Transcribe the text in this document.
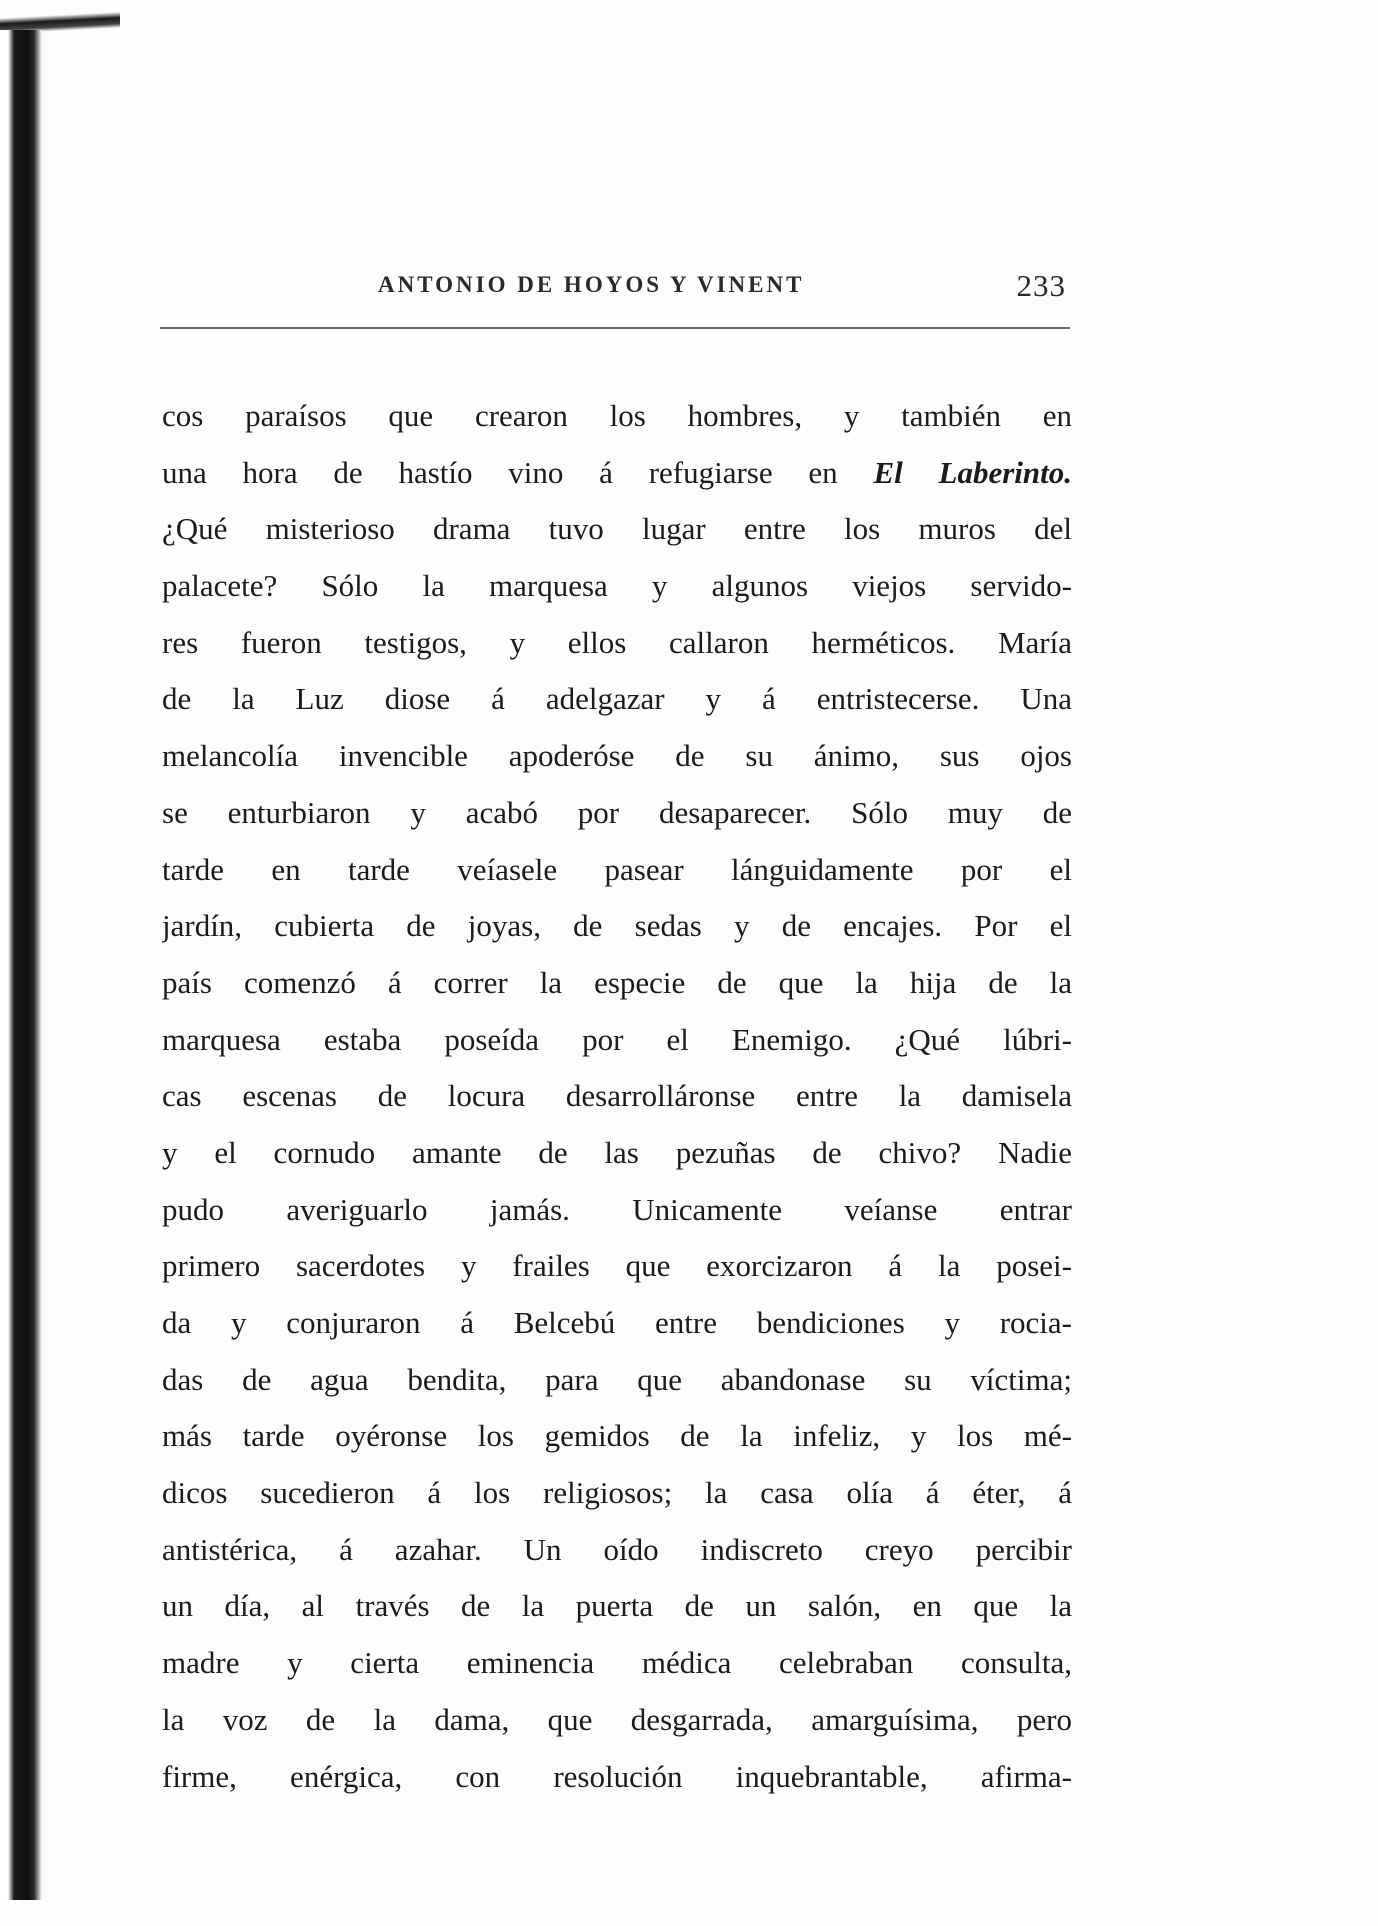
ANTONIO DE HOYOS Y VINENT	233
cos paraísos que crearon los hombres, y también en
una hora de hastío vino á refugiarse en El Laberinto.
¿Qué misterioso drama tuvo lugar entre los muros del
palacete? Sólo la marquesa y algunos viejos servido-
res fueron testigos, y ellos callaron herméticos. María
de la Luz diose á adelgazar y á entristecerse. Una
melancolía invencible apoderóse de su ánimo, sus ojos
se enturbiaron y acabó por desaparecer. Sólo muy de
tarde en tarde veíasele pasear lánguidamente por el
jardín, cubierta de joyas, de sedas y de encajes. Por el
país comenzó á correr la especie de que la hija de la
marquesa estaba poseída por el Enemigo. ¿Qué lúbri-
cas escenas de locura desarrolláronse entre la damisela
y el cornudo amante de las pezuñas de chivo? Nadie
pudo averiguarlo jamás. Unicamente veíanse entrar
primero sacerdotes y frailes que exorcizaron á la posei-
da y conjuraron á Belcebú entre bendiciones y rocia-
das de agua bendita, para que abandonase su víctima;
más tarde oyéronse los gemidos de la infeliz, y los mé-
dicos sucedieron á los religiosos; la casa olía á éter, á
antistérica, á azahar. Un oído indiscreto creyo percibir
un día, al través de la puerta de un salón, en que la
madre y cierta eminencia médica celebraban consulta,
la voz de la dama, que desgarrada, amarguísima, pero
firme, enérgica, con resolución inquebrantable, afirma-
